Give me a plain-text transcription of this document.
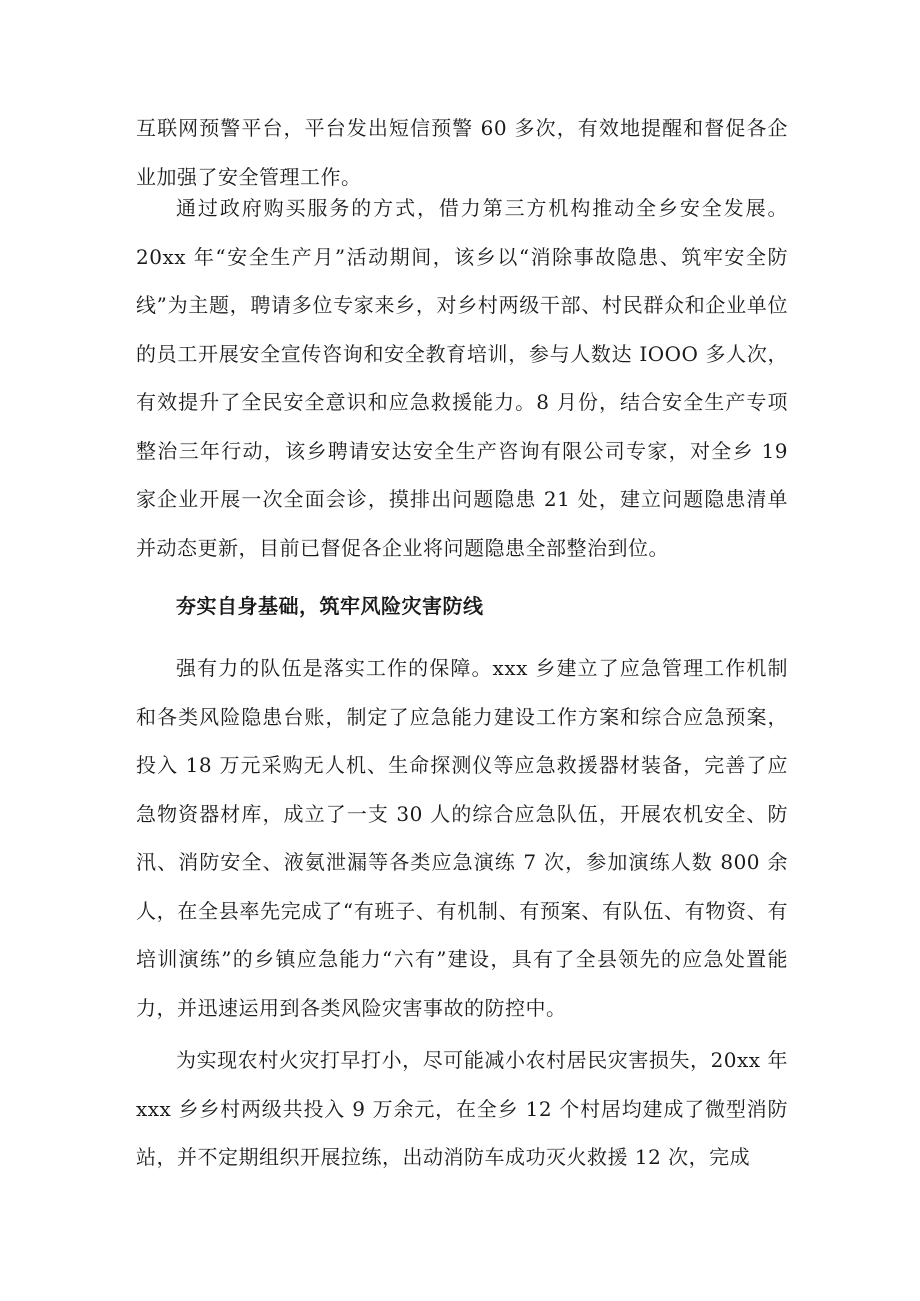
互联网预警平台，平台发出短信预警 60 多次，有效地提醒和督促各企业加强了安全管理工作。

通过政府购买服务的方式，借力第三方机构推动全乡安全发展。20xx 年“安全生产月”活动期间，该乡以“消除事故隐患、筑牢安全防线”为主题，聘请多位专家来乡，对乡村两级干部、村民群众和企业单位的员工开展安全宣传咨询和安全教育培训，参与人数达 IOOO 多人次，有效提升了全民安全意识和应急救援能力。8 月份，结合安全生产专项整治三年行动，该乡聘请安达安全生产咨询有限公司专家，对全乡 19 家企业开展一次全面会诊，摸排出问题隐患 21 处，建立问题隐患清单并动态更新，目前已督促各企业将问题隐患全部整治到位。

夯实自身基础，筑牢风险灾害防线

强有力的队伍是落实工作的保障。xxx 乡建立了应急管理工作机制和各类风险隐患台账，制定了应急能力建设工作方案和综合应急预案，投入 18 万元采购无人机、生命探测仪等应急救援器材装备，完善了应急物资器材库，成立了一支 30 人的综合应急队伍，开展农机安全、防汛、消防安全、液氨泄漏等各类应急演练 7 次，参加演练人数 800 余人，在全县率先完成了“有班子、有机制、有预案、有队伍、有物资、有培训演练”的乡镇应急能力“六有”建设，具有了全县领先的应急处置能力，并迅速运用到各类风险灾害事故的防控中。

为实现农村火灾打早打小，尽可能减小农村居民灾害损失，20xx 年 xxx 乡乡村两级共投入 9 万余元，在全乡 12 个村居均建成了微型消防站，并不定期组织开展拉练，出动消防车成功灭火救援 12 次，完成
